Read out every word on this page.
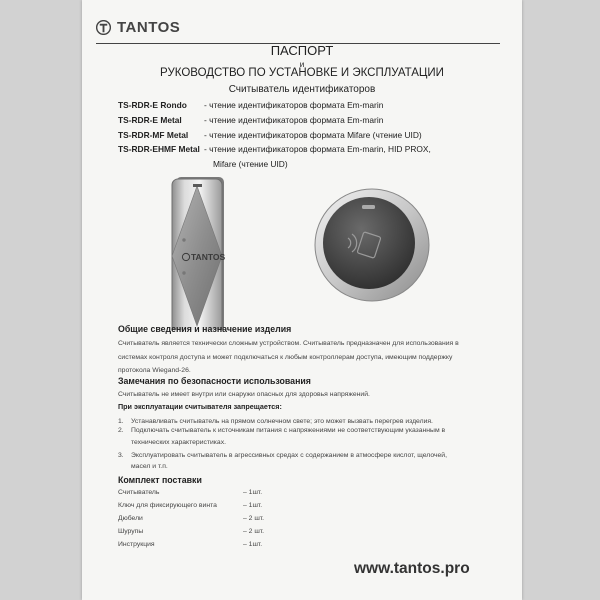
TANTOS
ПАСПОРТ
и
РУКОВОДСТВО ПО УСТАНОВКЕ И ЭКСПЛУАТАЦИИ
Считыватель идентификаторов
TS-RDR-E Rondo - чтение идентификаторов формата Em-marin
TS-RDR-E Metal	- чтение идентификаторов формата Em-marin
TS-RDR-MF Metal - чтение идентификаторов формата Mifare (чтение UID)
TS-RDR-EHMF Metal - чтение идентификаторов формата Em-marin, HID PROX,
Mifare (чтение UID)
TANTOS
Общие сведения и назначение изделия
Считыватель является технически сложным устройством. Считыватель предназначен для использования в
системах контроля доступа и может подключаться к любым контроллерам доступа, имеющим поддержку
протокола Wiegand-26.
Замечания по безопасности использования
Считыватель не имеет внутри или снаружи опасных для здоровья напряжений.
При эксплуатации считывателя запрещается:
1. Устанавливать считыватель на прямом солнечном свете; это может вызвать перегрев изделия.
2. Подключать считыватель к источникам питания с напряжениями не соответствующим указанным в
технических характеристиках.
3. Эксплуатировать считыватель в агрессивных средах с содержанием в атмосфере кислот, щелочей,
масел и т.п.
Комплект поставки
Считыватель	– 1шт.
Ключ для фиксирующего винта	– 1шт.
Дюбели	– 2 шт.
Шурупы	– 2 шт.
Инструкция	– 1шт.
www.tantos.pro
